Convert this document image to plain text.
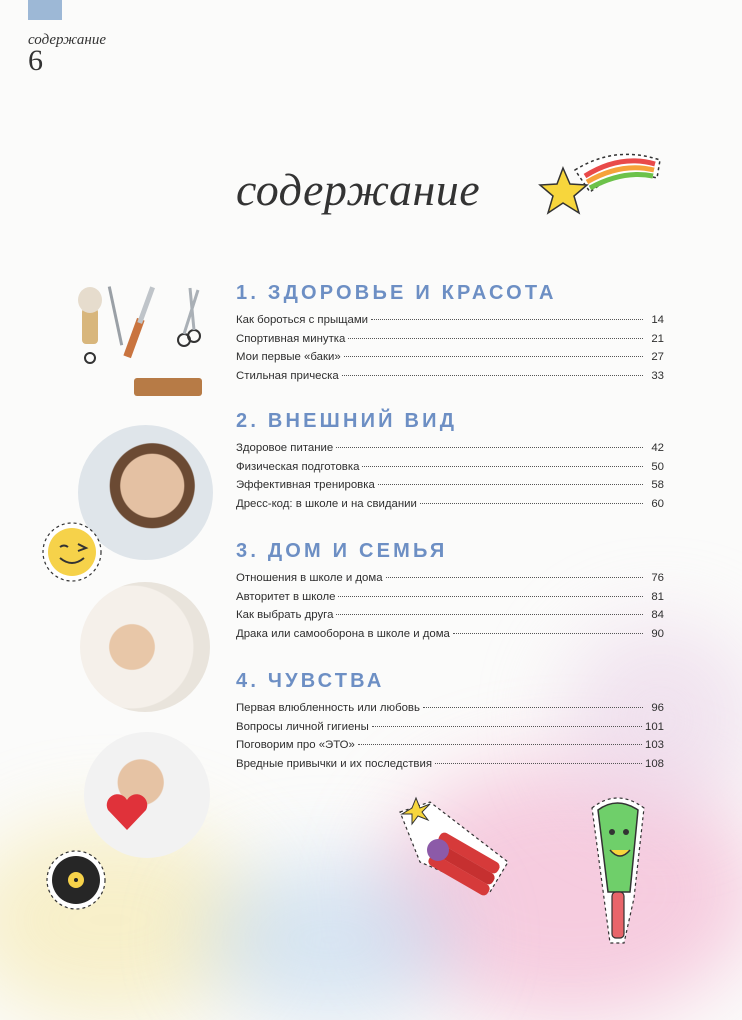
содержание
6
содержание
1. ЗДОРОВЬЕ И КРАСОТА
Как бороться с прыщами	14
Спортивная минутка	21
Мои первые «баки»	27
Стильная прическа	33
2. ВНЕШНИЙ ВИД
Здоровое питание	42
Физическая подготовка	50
Эффективная тренировка	58
Дресс-код: в школе и на свидании	60
3. ДОМ И СЕМЬЯ
Отношения в школе и дома	76
Авторитет в школе	81
Как выбрать друга	84
Драка или самооборона в школе и дома	90
4. ЧУВСТВА
Первая влюбленность или любовь	96
Вопросы личной гигиены	101
Поговорим про «ЭТО»	103
Вредные привычки и их последствия	108
